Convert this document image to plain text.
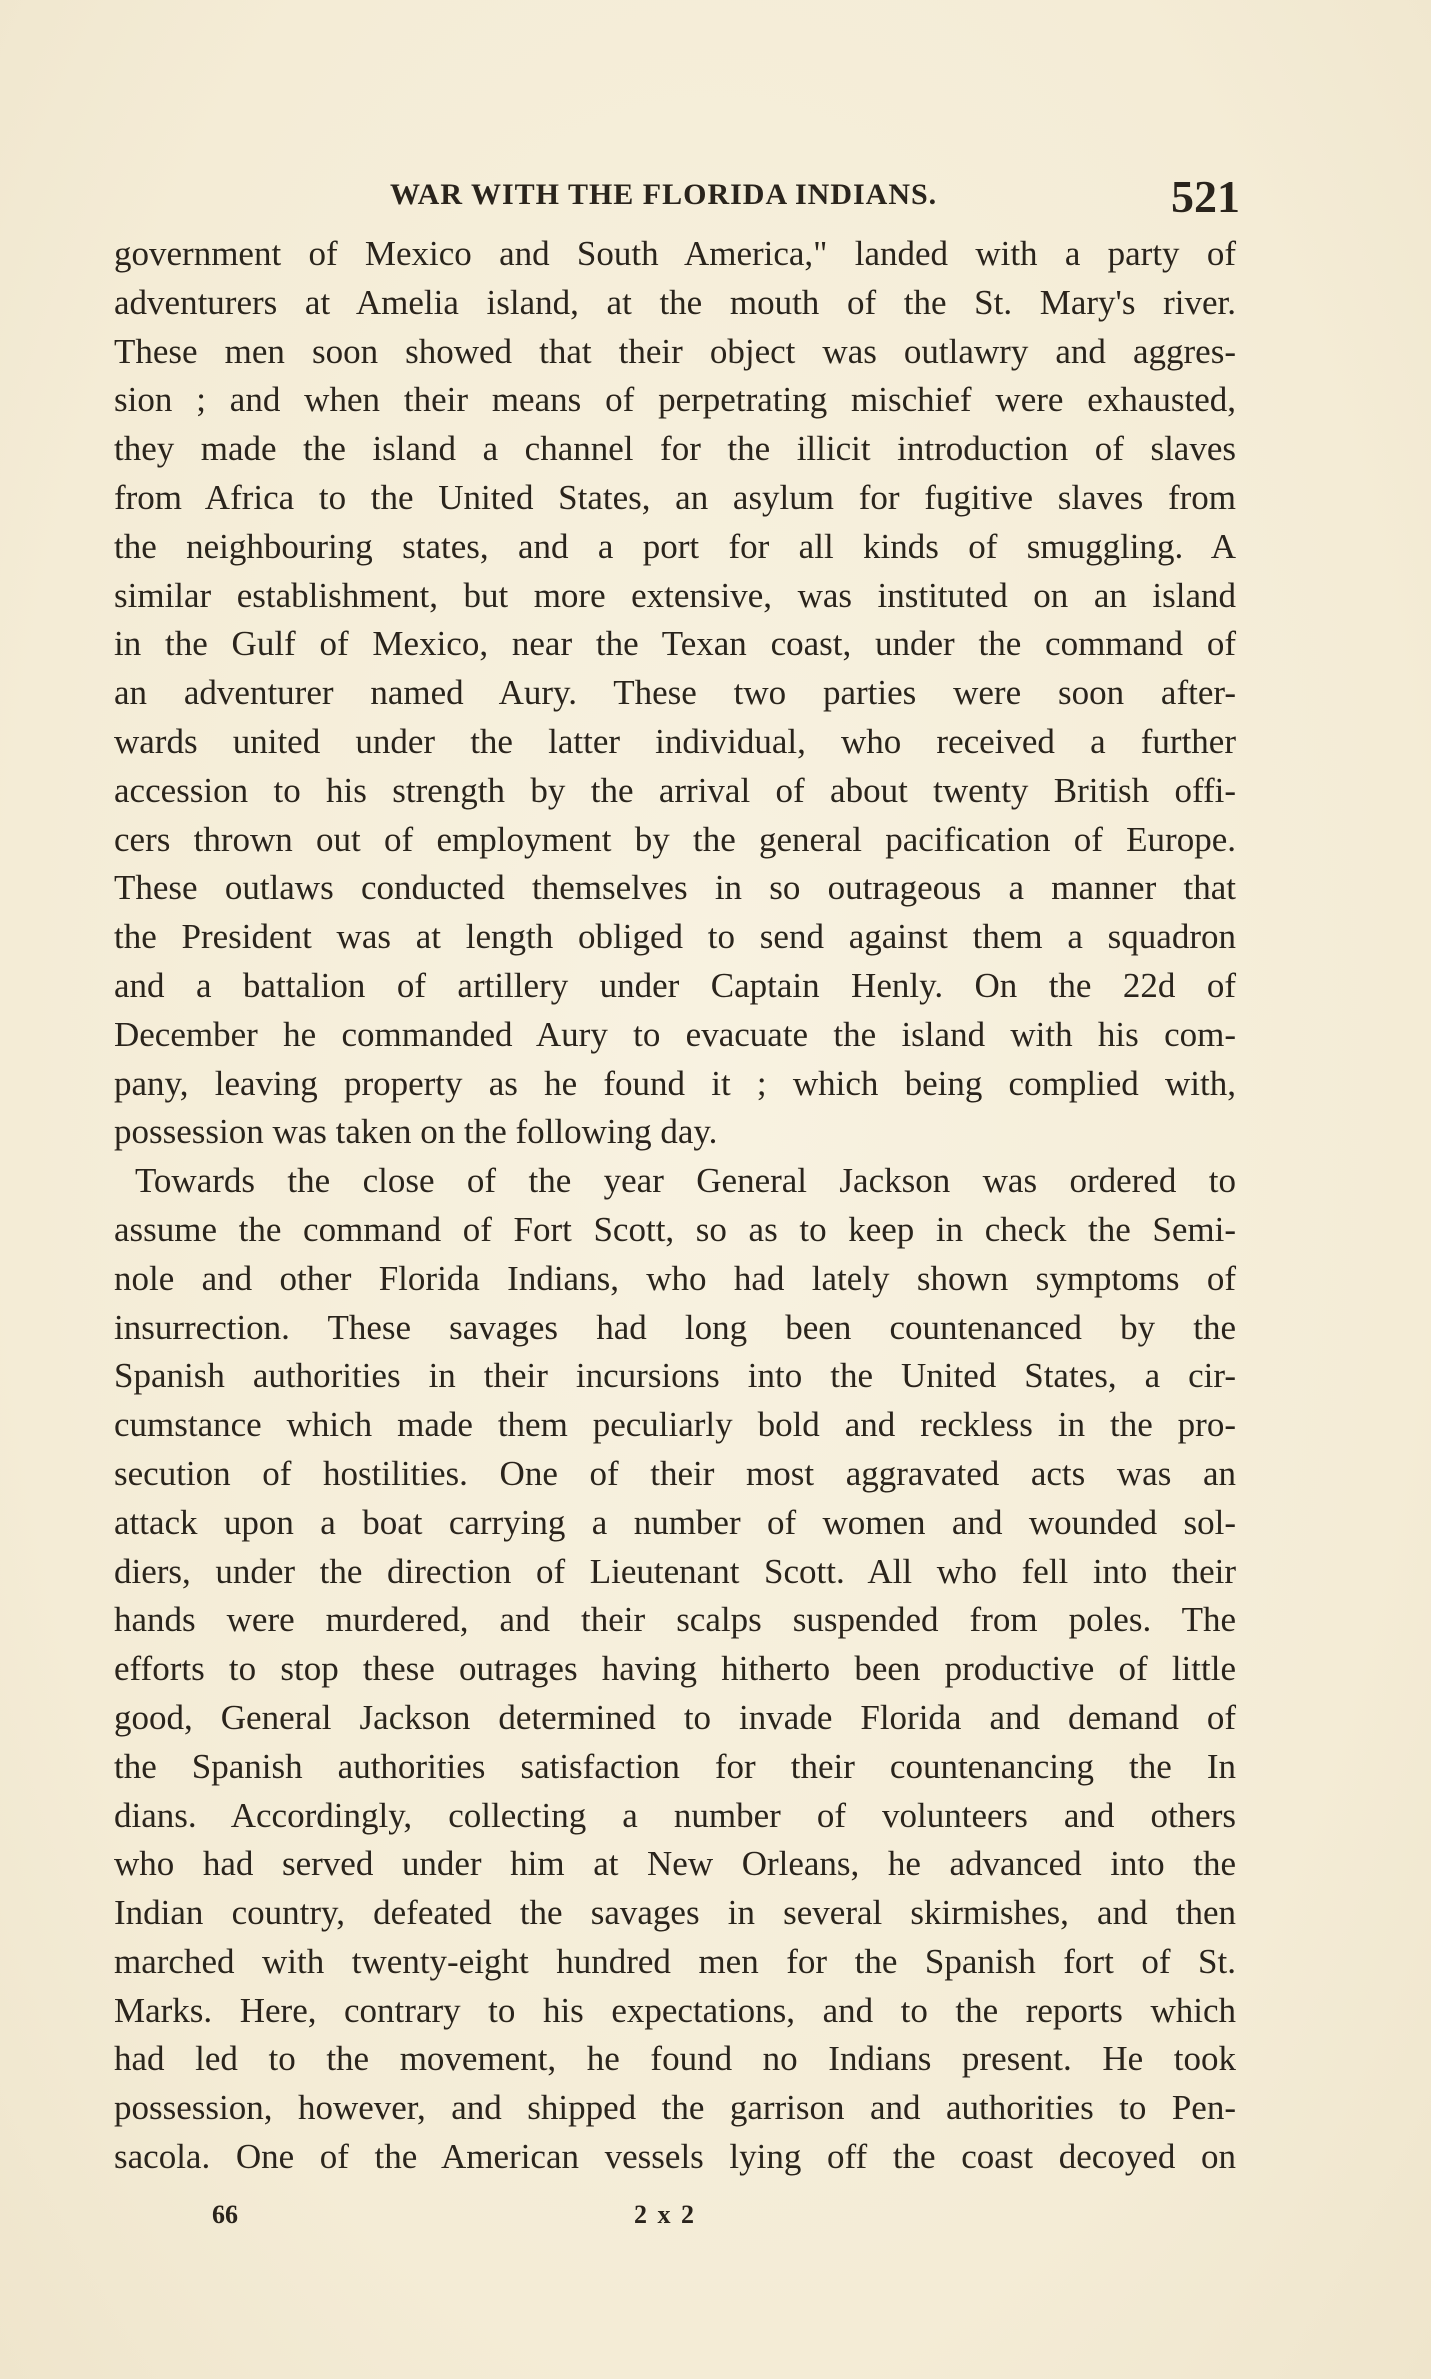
WAR WITH THE FLORIDA INDIANS.	521
government of Mexico and South America," landed with a party of
adventurers at Amelia island, at the mouth of the St. Mary's river.
These men soon showed that their object was outlawry and aggres-
sion ; and when their means of perpetrating mischief were exhausted,
they made the island a channel for the illicit introduction of slaves
from Africa to the United States, an asylum for fugitive slaves from
the neighbouring states, and a port for all kinds of smuggling. A
similar establishment, but more extensive, was instituted on an island
in the Gulf of Mexico, near the Texan coast, under the command of
an adventurer named Aury. These two parties were soon after-
wards united under the latter individual, who received a further
accession to his strength by the arrival of about twenty British offi-
cers thrown out of employment by the general pacification of Europe.
These outlaws conducted themselves in so outrageous a manner that
the President was at length obliged to send against them a squadron
and a battalion of artillery under Captain Henly. On the 22d of
December he commanded Aury to evacuate the island with his com-
pany, leaving property as he found it ; which being complied with,
possession was taken on the following day.
Towards the close of the year General Jackson was ordered to
assume the command of Fort Scott, so as to keep in check the Semi-
nole and other Florida Indians, who had lately shown symptoms of
insurrection. These savages had long been countenanced by the
Spanish authorities in their incursions into the United States, a cir-
cumstance which made them peculiarly bold and reckless in the pro-
secution of hostilities. One of their most aggravated acts was an
attack upon a boat carrying a number of women and wounded sol-
diers, under the direction of Lieutenant Scott. All who fell into their
hands were murdered, and their scalps suspended from poles. The
efforts to stop these outrages having hitherto been productive of little
good, General Jackson determined to invade Florida and demand of
the Spanish authorities satisfaction for their countenancing the In
dians. Accordingly, collecting a number of volunteers and others
who had served under him at New Orleans, he advanced into the
Indian country, defeated the savages in several skirmishes, and then
marched with twenty-eight hundred men for the Spanish fort of St.
Marks. Here, contrary to his expectations, and to the reports which
had led to the movement, he found no Indians present. He took
possession, however, and shipped the garrison and authorities to Pen-
sacola. One of the American vessels lying off the coast decoyed on
66	2 x 2
